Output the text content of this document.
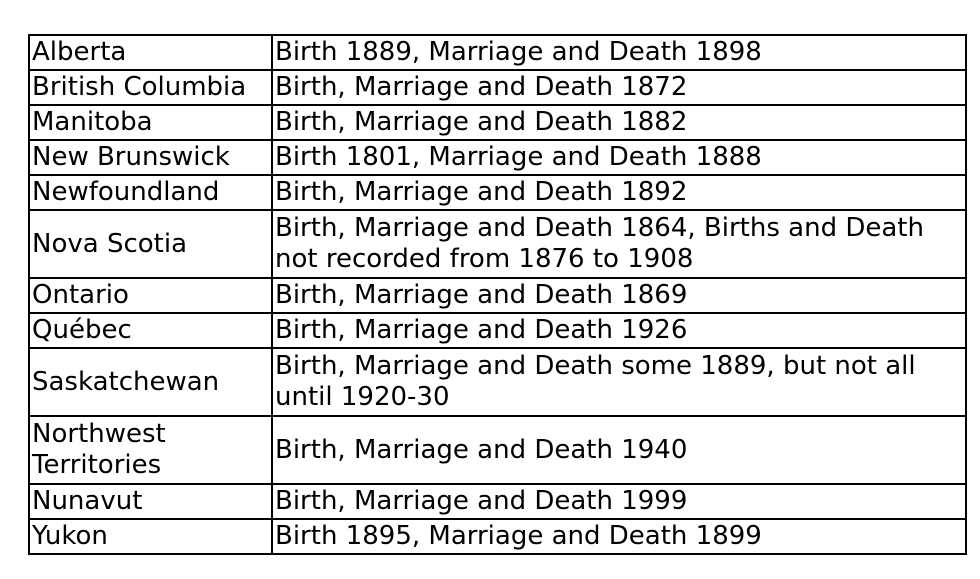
Alberta	Birth 1889, Marriage and Death 1898
British Columbia	Birth, Marriage and Death 1872
Manitoba	Birth, Marriage and Death 1882
New Brunswick	Birth 1801, Marriage and Death 1888
Newfoundland	Birth, Marriage and Death 1892
Nova Scotia	Birth, Marriage and Death 1864, Births and Death not recorded from 1876 to 1908
Ontario	Birth, Marriage and Death 1869
Québec	Birth, Marriage and Death 1926
Saskatchewan	Birth, Marriage and Death some 1889, but not all until 1920-30
Northwest Territories	Birth, Marriage and Death 1940
Nunavut	Birth, Marriage and Death 1999
Yukon	Birth 1895, Marriage and Death 1899
